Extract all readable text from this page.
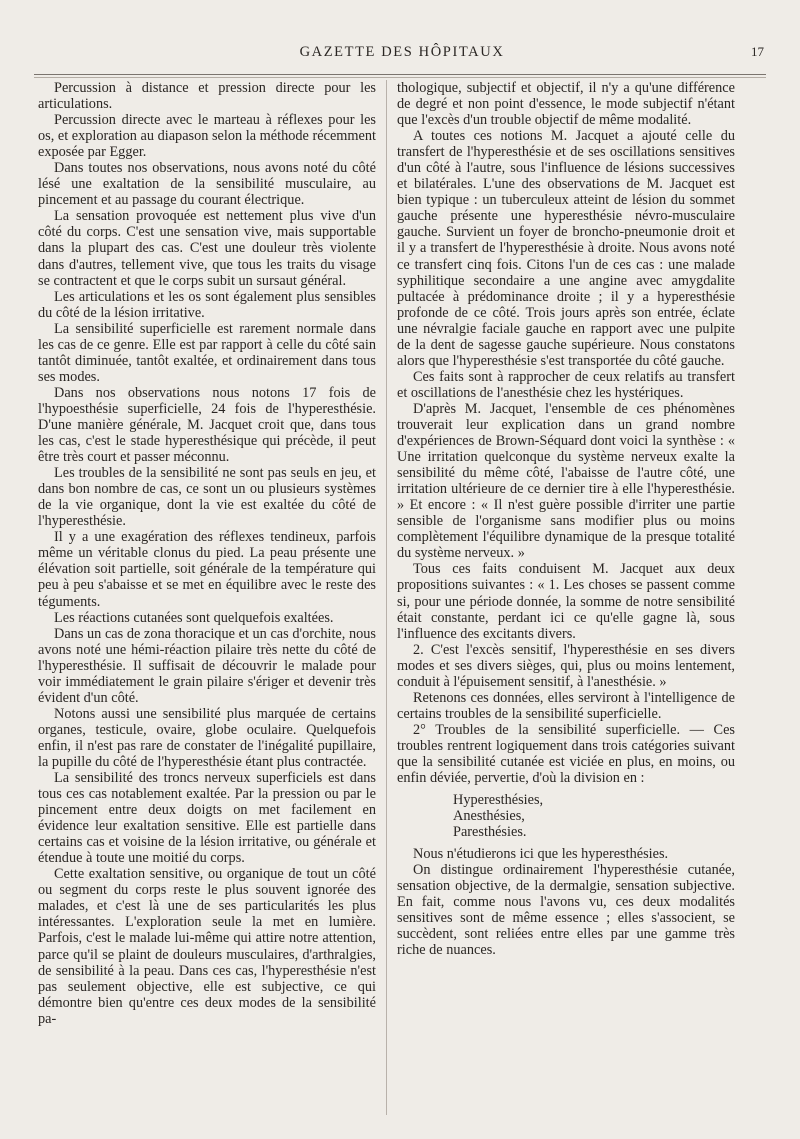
GAZETTE DES HÔPITAUX	17

Percussion à distance et pression directe pour les articulations.

Percussion directe avec le marteau à réflexes pour les os, et exploration au diapason selon la méthode récemment exposée par Egger.

Dans toutes nos observations, nous avons noté du côté lésé une exaltation de la sensibilité musculaire, au pincement et au passage du courant électrique.

La sensation provoquée est nettement plus vive d'un côté du corps. C'est une sensation vive, mais supportable dans la plupart des cas. C'est une douleur très violente dans d'autres, tellement vive, que tous les traits du visage se contractent et que le corps subit un sursaut général.

Les articulations et les os sont également plus sensibles du côté de la lésion irritative.

La sensibilité superficielle est rarement normale dans les cas de ce genre. Elle est par rapport à celle du côté sain tantôt diminuée, tantôt exaltée, et ordinairement dans tous ses modes.

Dans nos observations nous notons 17 fois de l'hypoesthésie superficielle, 24 fois de l'hyperesthésie. D'une manière générale, M. Jacquet croit que, dans tous les cas, c'est le stade hyperesthésique qui précède, il peut être très court et passer méconnu.

Les troubles de la sensibilité ne sont pas seuls en jeu, et dans bon nombre de cas, ce sont un ou plusieurs systèmes de la vie organique, dont la vie est exaltée du côté de l'hyperesthésie.

Il y a une exagération des réflexes tendineux, parfois même un véritable clonus du pied. La peau présente une élévation soit partielle, soit générale de la température qui peu à peu s'abaisse et se met en équilibre avec le reste des téguments.

Les réactions cutanées sont quelquefois exaltées.

Dans un cas de zona thoracique et un cas d'orchite, nous avons noté une hémi-réaction pilaire très nette du côté de l'hyperesthésie. Il suffisait de découvrir le malade pour voir immédiatement le grain pilaire s'ériger et devenir très évident d'un côté.

Notons aussi une sensibilité plus marquée de certains organes, testicule, ovaire, globe oculaire. Quelquefois enfin, il n'est pas rare de constater de l'inégalité pupillaire, la pupille du côté de l'hyperesthésie étant plus contractée.

La sensibilité des troncs nerveux superficiels est dans tous ces cas notablement exaltée. Par la pression ou par le pincement entre deux doigts on met facilement en évidence leur exaltation sensitive. Elle est partielle dans certains cas et voisine de la lésion irritative, ou générale et étendue à toute une moitié du corps.

Cette exaltation sensitive, ou organique de tout un côté ou segment du corps reste le plus souvent ignorée des malades, et c'est là une de ses particularités les plus intéressantes. L'exploration seule la met en lumière. Parfois, c'est le malade lui-même qui attire notre attention, parce qu'il se plaint de douleurs musculaires, d'arthralgies, de sensibilité à la peau. Dans ces cas, l'hyperesthésie n'est pas seulement objective, elle est subjective, ce qui démontre bien qu'entre ces deux modes de la sensibilité pa-

thologique, subjectif et objectif, il n'y a qu'une différence de degré et non point d'essence, le mode subjectif n'étant que l'excès d'un trouble objectif de même modalité.

A toutes ces notions M. Jacquet a ajouté celle du transfert de l'hyperesthésie et de ses oscillations sensitives d'un côté à l'autre, sous l'influence de lésions successives et bilatérales. L'une des observations de M. Jacquet est bien typique : un tuberculeux atteint de lésion du sommet gauche présente une hyperesthésie névro-musculaire gauche. Survient un foyer de broncho-pneumonie droit et il y a transfert de l'hyperesthésie à droite. Nous avons noté ce transfert cinq fois. Citons l'un de ces cas : une malade syphilitique secondaire a une angine avec amygdalite pultacée à prédominance droite ; il y a hyperesthésie profonde de ce côté. Trois jours après son entrée, éclate une névralgie faciale gauche en rapport avec une pulpite de la dent de sagesse gauche supérieure. Nous constatons alors que l'hyperesthésie s'est transportée du côté gauche.

Ces faits sont à rapprocher de ceux relatifs au transfert et oscillations de l'anesthésie chez les hystériques.

D'après M. Jacquet, l'ensemble de ces phénomènes trouverait leur explication dans un grand nombre d'expériences de Brown-Séquard dont voici la synthèse : « Une irritation quelconque du système nerveux exalte la sensibilité du même côté, l'abaisse de l'autre côté, une irritation ultérieure de ce dernier tire à elle l'hyperesthésie. » Et encore : « Il n'est guère possible d'irriter une partie sensible de l'organisme sans modifier plus ou moins complètement l'équilibre dynamique de la presque totalité du système nerveux. »

Tous ces faits conduisent M. Jacquet aux deux propositions suivantes : « 1. Les choses se passent comme si, pour une période donnée, la somme de notre sensibilité était constante, perdant ici ce qu'elle gagne là, sous l'influence des excitants divers.

2. C'est l'excès sensitif, l'hyperesthésie en ses divers modes et ses divers sièges, qui, plus ou moins lentement, conduit à l'épuisement sensitif, à l'anesthésie. »

Retenons ces données, elles serviront à l'intelligence de certains troubles de la sensibilité superficielle.

2° Troubles de la sensibilité superficielle. — Ces troubles rentrent logiquement dans trois catégories suivant que la sensibilité cutanée est viciée en plus, en moins, ou enfin déviée, pervertie, d'où la division en :

Hyperesthésies,
Anesthésies,
Paresthésies.

Nous n'étudierons ici que les hyperesthésies.

On distingue ordinairement l'hyperesthésie cutanée, sensation objective, de la dermalgie, sensation subjective. En fait, comme nous l'avons vu, ces deux modalités sensitives sont de même essence ; elles s'associent, se succèdent, sont reliées entre elles par une gamme très riche de nuances.
